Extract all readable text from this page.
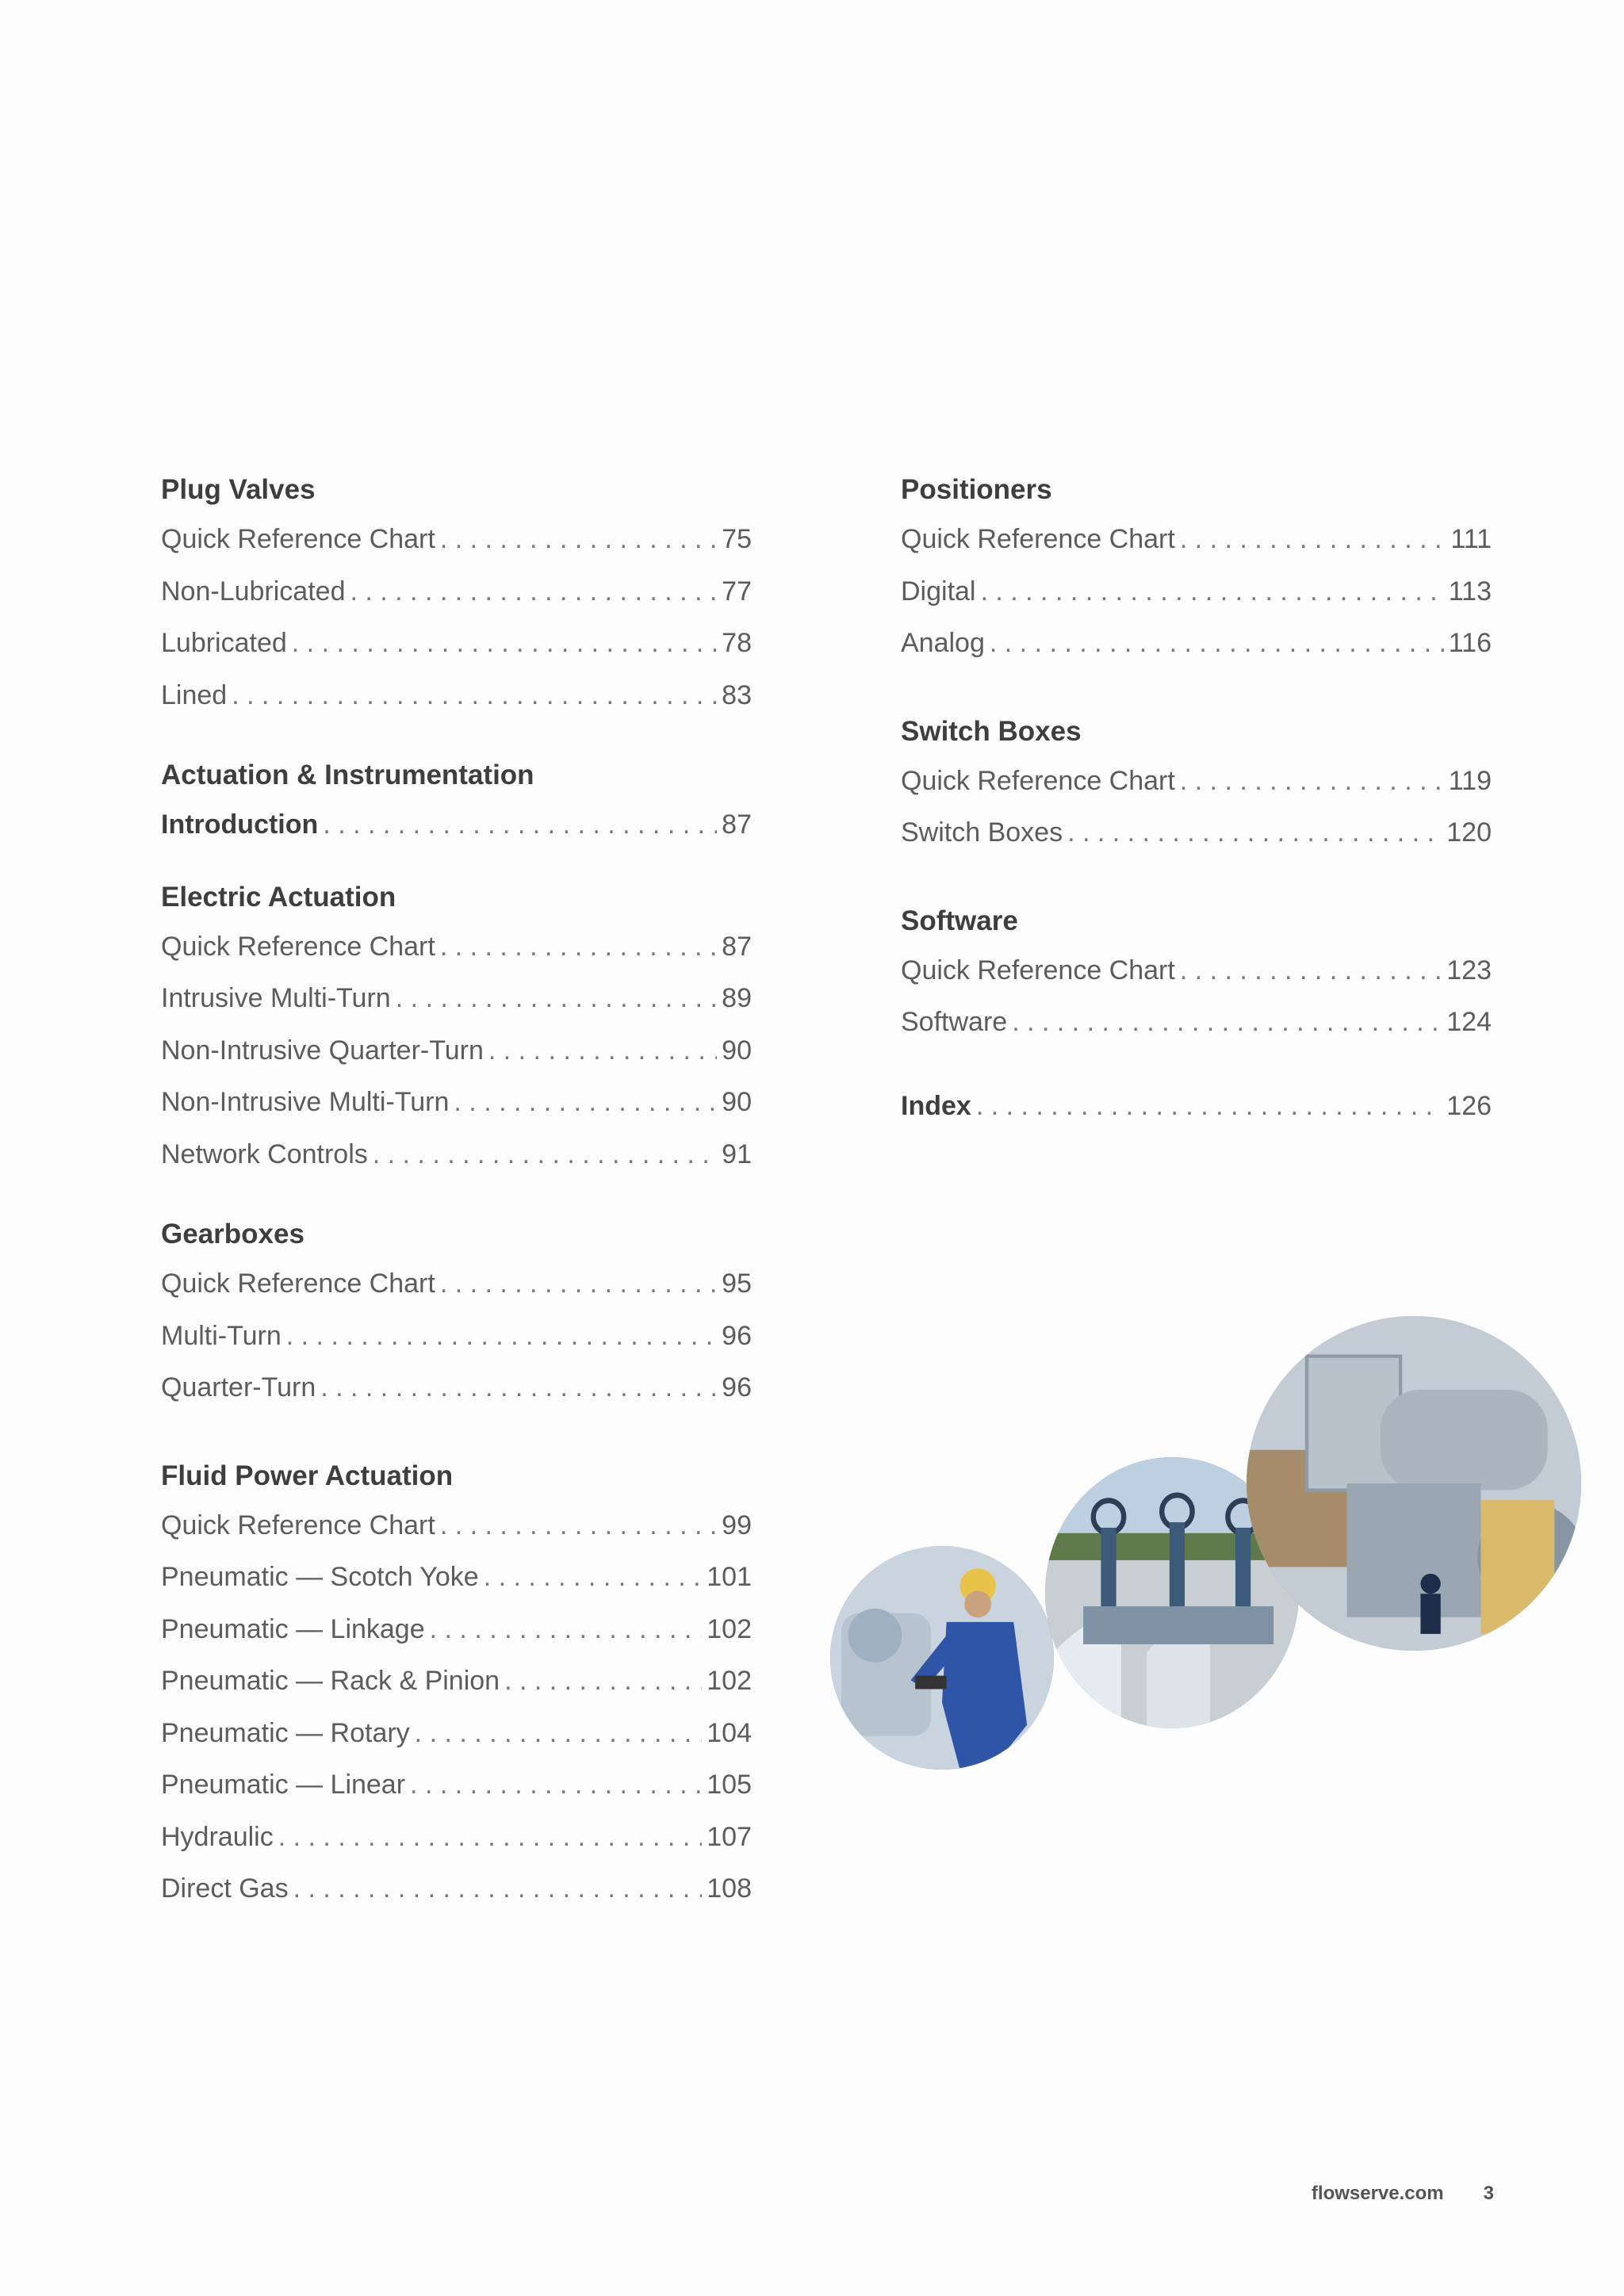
Plug Valves
Quick Reference Chart . . .	75
Non-Lubricated . . .	77
Lubricated . . .	78
Lined . . .	83
Actuation & Instrumentation
Introduction . . .	87
Electric Actuation
Quick Reference Chart . . .	87
Intrusive Multi-Turn . . .	89
Non-Intrusive Quarter-Turn . . .	90
Non-Intrusive Multi-Turn . . .	90
Network Controls . . .	91
Gearboxes
Quick Reference Chart . . .	95
Multi-Turn . . .	96
Quarter-Turn . . .	96
Fluid Power Actuation
Quick Reference Chart . . .	99
Pneumatic — Scotch Yoke . . .	101
Pneumatic — Linkage . . .	102
Pneumatic — Rack & Pinion . . .	102
Pneumatic — Rotary . . .	104
Pneumatic — Linear . . .	105
Hydraulic . . .	107
Direct Gas . . .	108
Positioners
Quick Reference Chart . . .	111
Digital . . .	113
Analog . . .	116
Switch Boxes
Quick Reference Chart . . .	119
Switch Boxes . . .	120
Software
Quick Reference Chart . . .	123
Software . . .	124
Index . . .	126
flowserve.com 3
